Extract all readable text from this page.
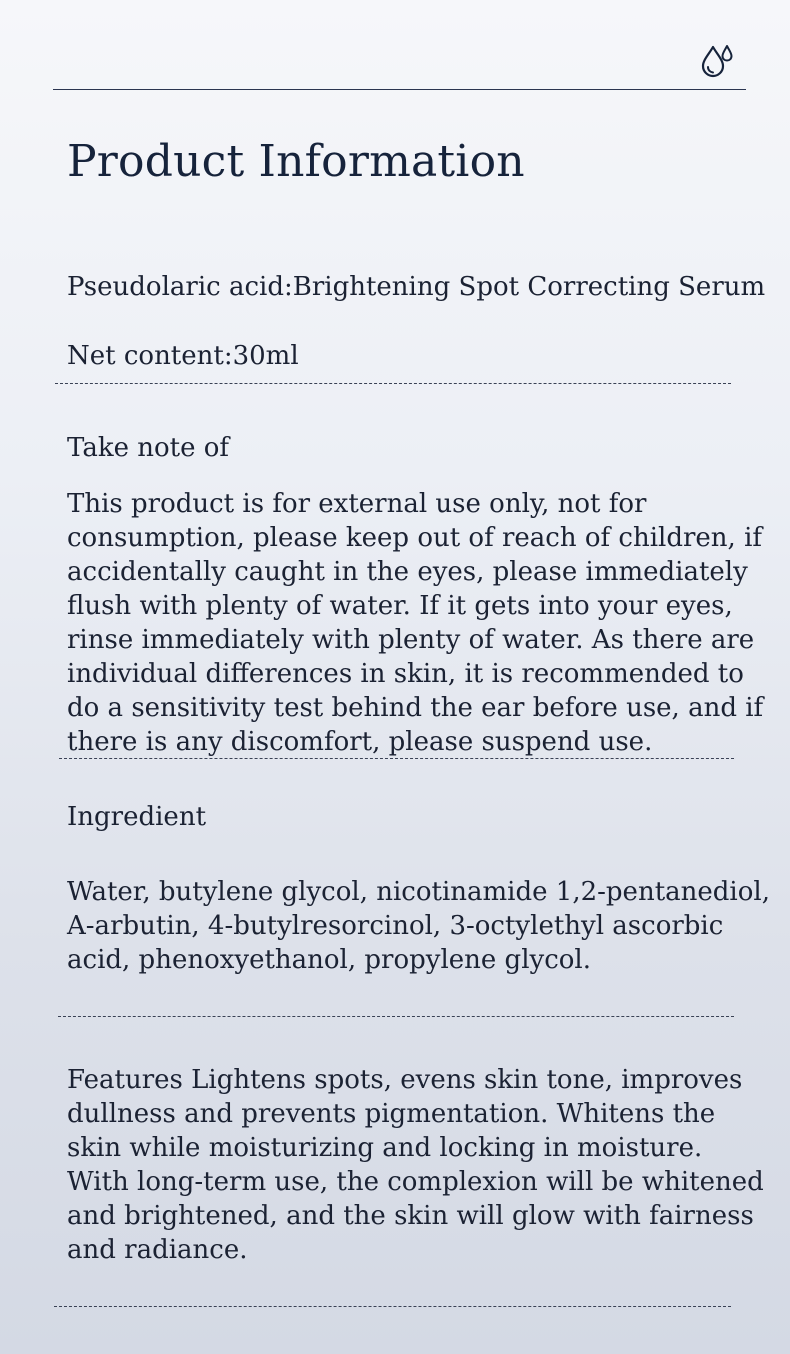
Product Information

Pseudolaric acid:Brightening Spot Correcting Serum

Net content:30ml

Take note of

This product is for external use only, not for consumption, please keep out of reach of children, if accidentally caught in the eyes, please immediately flush with plenty of water. If it gets into your eyes, rinse immediately with plenty of water. As there are individual differences in skin, it is recommended to do a sensitivity test behind the ear before use, and if there is any discomfort, please suspend use.

Ingredient

Water, butylene glycol, nicotinamide 1,2-pentanediol, A-arbutin, 4-butylresorcinol, 3-octylethyl ascorbic acid, phenoxyethanol, propylene glycol.

Features Lightens spots, evens skin tone, improves dullness and prevents pigmentation. Whitens the skin while moisturizing and locking in moisture. With long-term use, the complexion will be whitened and brightened, and the skin will glow with fairness and radiance.
